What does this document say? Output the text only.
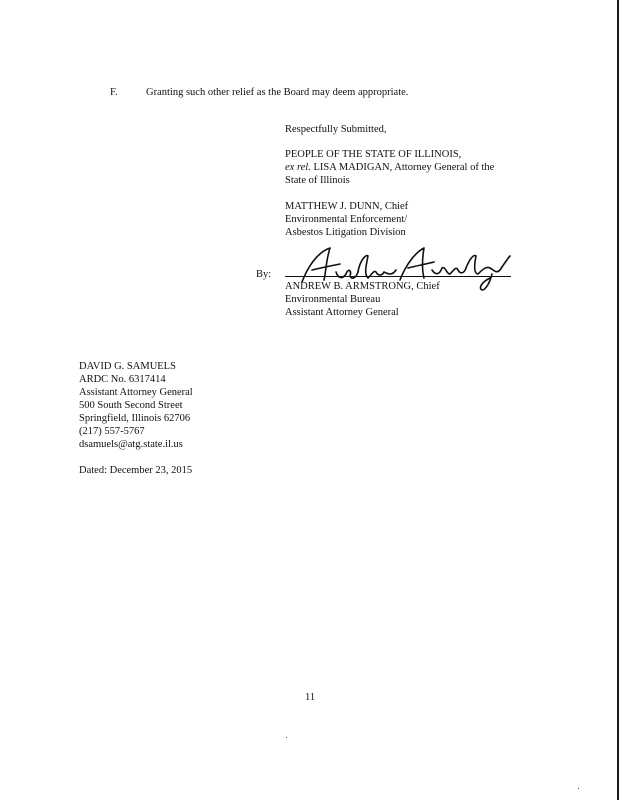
F.	Granting such other relief as the Board may deem appropriate.
Respectfully Submitted,
PEOPLE OF THE STATE OF ILLINOIS,
ex rel. LISA MADIGAN, Attorney General of the
State of Illinois
MATTHEW J. DUNN, Chief
Environmental Enforcement/
Asbestos Litigation Division
By:
ANDREW B. ARMSTRONG, Chief
Environmental Bureau
Assistant Attorney General
DAVID G. SAMUELS
ARDC No. 6317414
Assistant Attorney General
500 South Second Street
Springfield, Illinois 62706
(217) 557-5767
dsamuels@atg.state.il.us
Dated: December 23, 2015
11
